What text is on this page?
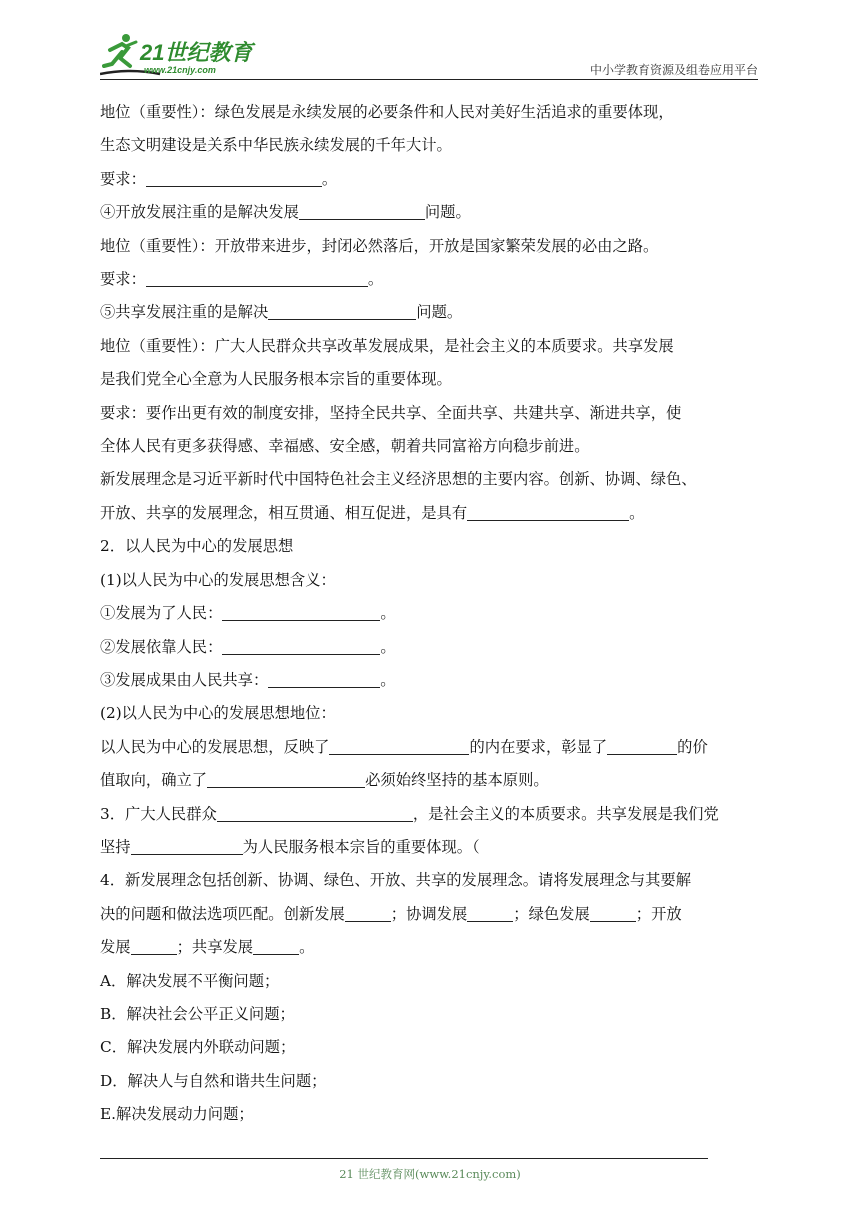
21世纪教育
www.21cnjy.com	中小学教育资源及组卷应用平台

地位（重要性）：绿色发展是永续发展的必要条件和人民对美好生活追求的重要体现，
生态文明建设是关系中华民族永续发展的千年大计。

要求：	。

④开放发展注重的是解决发展	问题。

地位（重要性）：开放带来进步，封闭必然落后，开放是国家繁荣发展的必由之路。

要求：	。

⑤共享发展注重的是解决	问题。

地位（重要性）：广大人民群众共享改革发展成果，是社会主义的本质要求。共享发展
是我们党全心全意为人民服务根本宗旨的重要体现。

要求：要作出更有效的制度安排，坚持全民共享、全面共享、共建共享、渐进共享，使
全体人民有更多获得感、幸福感、安全感，朝着共同富裕方向稳步前进。

新发展理念是习近平新时代中国特色社会主义经济思想的主要内容。创新、协调、绿色、
开放、共享的发展理念，相互贯通、相互促进，是具有	。

2．以人民为中心的发展思想

(1)以人民为中心的发展思想含义：

①发展为了人民：	。

②发展依靠人民：	。

③发展成果由人民共享：	。

(2)以人民为中心的发展思想地位：

以人民为中心的发展思想，反映了	的内在要求，彰显了	的价
值取向，确立了	必须始终坚持的基本原则。

3．广大人民群众	，是社会主义的本质要求。共享发展是我们党
坚持	为人民服务根本宗旨的重要体现。（

4．新发展理念包括创新、协调、绿色、开放、共享的发展理念。请将发展理念与其要解
决的问题和做法选项匹配。创新发展	；协调发展	；绿色发展	；开放
发展	；共享发展	。

A．解决发展不平衡问题；

B．解决社会公平正义问题；

C．解决发展内外联动问题；

D．解决人与自然和谐共生问题；

E.解决发展动力问题；

21 世纪教育网(www.21cnjy.com)
